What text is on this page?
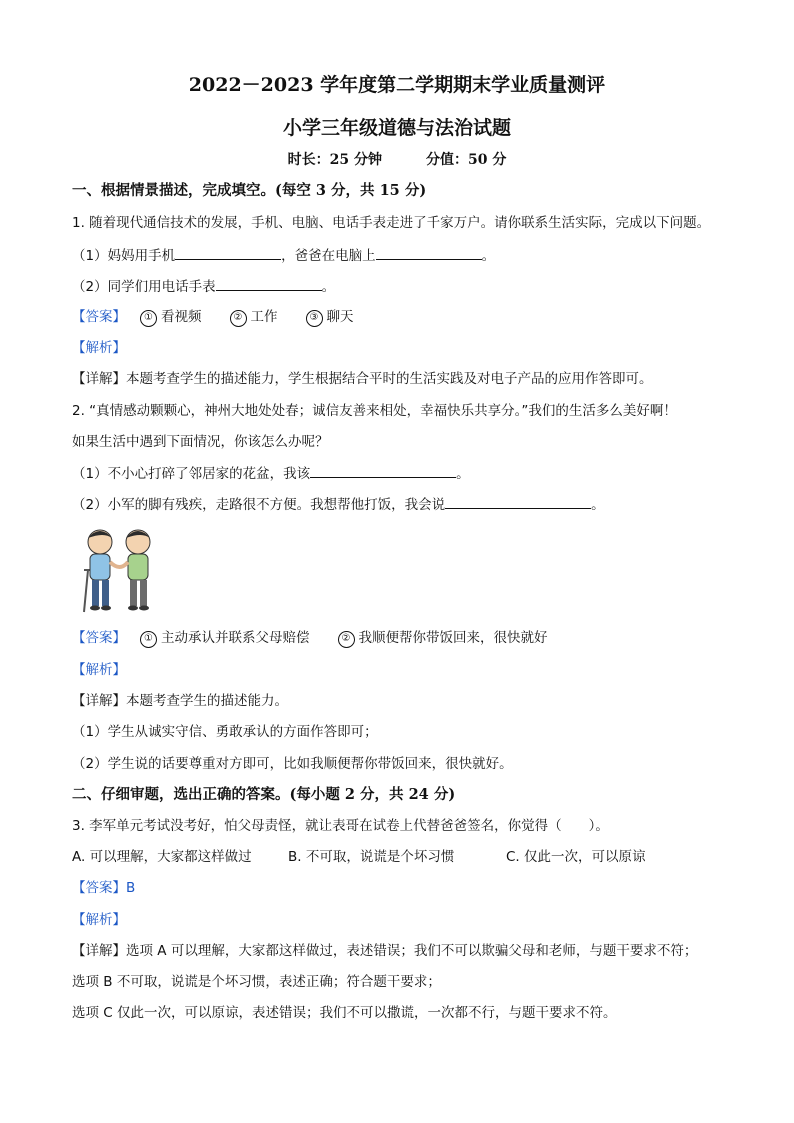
2022－2023 学年度第二学期期末学业质量测评
小学三年级道德与法治试题
时长：25 分钟	分值：50 分
一、根据情景描述，完成填空。(每空 3 分，共 15 分)
1. 随着现代通信技术的发展，手机、电脑、电话手表走进了千家万户。请你联系生活实际，完成以下问题。
（1）妈妈用手机	，爸爸在电脑上	。
（2）同学们用电话手表	。
【答案】 ① 看视频	② 工作	③ 聊天
【解析】
【详解】本题考查学生的描述能力，学生根据结合平时的生活实践及对电子产品的应用作答即可。
2. “真情感动颗颗心，神州大地处处春；诚信友善来相处，幸福快乐共享分。”我们的生活多么美好啊！
如果生活中遇到下面情况，你该怎么办呢？
（1）不小心打碎了邻居家的花盆，我该	。
（2）小军的脚有残疾，走路很不方便。我想帮他打饭，我会说	。
【答案】 ① 主动承认并联系父母赔偿	② 我顺便帮你带饭回来，很快就好
【解析】
【详解】本题考查学生的描述能力。
（1）学生从诚实守信、勇敢承认的方面作答即可；
（2）学生说的话要尊重对方即可，比如我顺便帮你带饭回来，很快就好。
二、仔细审题，选出正确的答案。(每小题 2 分，共 24 分)
3. 李军单元考试没考好，怕父母责怪，就让表哥在试卷上代替爸爸签名，你觉得（　　）。
A. 可以理解，大家都这样做过	B. 不可取，说谎是个坏习惯	C. 仅此一次，可以原谅
【答案】B
【解析】
【详解】选项 A 可以理解，大家都这样做过，表述错误；我们不可以欺骗父母和老师，与题干要求不符；
选项 B 不可取，说谎是个坏习惯，表述正确；符合题干要求；
选项 C 仅此一次，可以原谅，表述错误；我们不可以撒谎，一次都不行，与题干要求不符。
